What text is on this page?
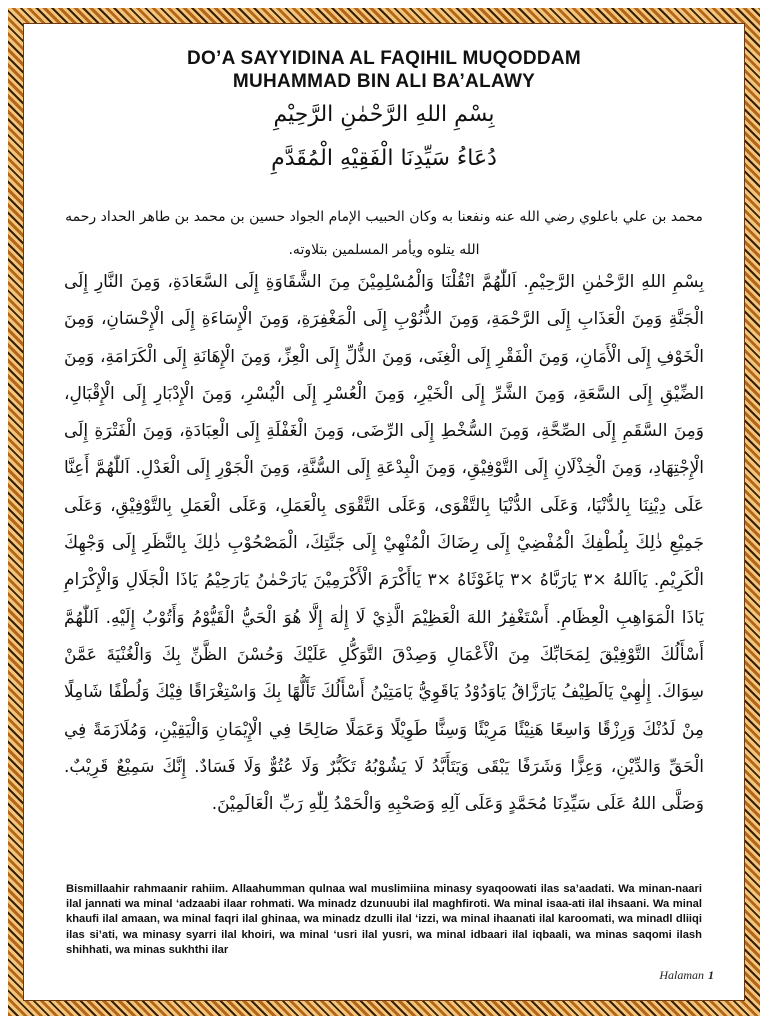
DO’A SAYYIDINA AL FAQIHIL MUQODDAM
MUHAMMAD BIN ALI BA’ALAWY
بِسْمِ اللهِ الرَّحْمٰنِ الرَّحِيْمِ
دُعَاءُ سَيِّدِنَا الْفَقِيْهِ الْمُقَدَّمِ
محمد بن علي باعلوي رضي الله عنه ونفعنا به وكان الحبيب الإمام الجواد حسين بن محمد بن طاهر الحداد رحمه الله يتلوه ويأمر المسلمين بتلاوته.
بِسْمِ اللهِ الرَّحْمٰنِ الرَّحِيْمِ. اَللّٰهُمَّ انْقُلْنَا وَالْمُسْلِمِيْنَ مِنَ الشَّقَاوَةِ إِلَى السَّعَادَةِ، وَمِنَ النَّارِ إِلَى الْجَنَّةِ وَمِنَ الْعَذَابِ إِلَى الرَّحْمَةِ، وَمِنَ الذُّنُوْبِ إِلَى الْمَغْفِرَةِ، وَمِنَ الْإِسَاءَةِ إِلَى الْإِحْسَانِ، وَمِنَ الْخَوْفِ إِلَى الْأَمَانِ، وَمِنَ الْفَقْرِ إِلَى الْغِنَى، وَمِنَ الذُّلِّ إِلَى الْعِزِّ، وَمِنَ الْإِهَانَةِ إِلَى الْكَرَامَةِ، وَمِنَ الضِّيْقِ إِلَى السَّعَةِ، وَمِنَ الشَّرِّ إِلَى الْخَيْرِ، وَمِنَ الْعُسْرِ إِلَى الْيُسْرِ، وَمِنَ الْإِدْبَارِ إِلَى الْإِقْبَالِ، وَمِنَ السَّقَمِ إِلَى الصِّحَّةِ، وَمِنَ السُّخْطِ إِلَى الرِّضَى، وَمِنَ الْغَفْلَةِ إِلَى الْعِبَادَةِ، وَمِنَ الْفَتْرَةِ إِلَى الْإِجْتِهَادِ، وَمِنَ الْخِذْلَانِ إِلَى التَّوْفِيْقِ، وَمِنَ الْبِدْعَةِ إِلَى السُّنَّةِ، وَمِنَ الْجَوْرِ إِلَى الْعَدْلِ. اَللّٰهُمَّ أَعِنَّا عَلَى دِيْنِنَا بِالدُّنْيَا، وَعَلَى الدُّنْيَا بِالتَّقْوَى، وَعَلَى التَّقْوَى بِالْعَمَلِ، وَعَلَى الْعَمَلِ بِالتَّوْفِيْقِ، وَعَلَى جَمِيْعِ ذٰلِكَ بِلُطْفِكَ الْمُفْضِيْ إِلَى رِضَاكَ الْمُنْهِيْ إِلَى جَنَّتِكَ، الْمَصْحُوْبِ ذٰلِكَ بِالنَّظَرِ إِلَى وَجْهِكَ الْكَرِيْمِ. يَااَللهُ ×٣ يَارَبَّاهُ ×٣ يَاغَوْثَاهُ ×٣ يَاأَكْرَمَ الْأَكْرَمِيْنَ يَارَحْمٰنُ يَارَحِيْمُ يَاذَا الْجَلَالِ وَالْإِكْرَامِ يَاذَا الْمَوَاهِبِ الْعِظَامِ. أَسْتَغْفِرُ اللهَ الْعَظِيْمَ الَّذِيْ لَا إِلٰهَ إِلَّا هُوَ الْحَيُّ الْقَيُّوْمُ وَأَتُوْبُ إِلَيْهِ. اَللّٰهُمَّ أَسْأَلُكَ التَّوْفِيْقَ لِمَحَابِّكَ مِنَ الْأَعْمَالِ وَصِدْقَ التَّوَكُّلِ عَلَيْكَ وَحُسْنَ الظَّنِّ بِكَ وَالْغُنْيَةَ عَمَّنْ سِوَاكَ. إِلٰهِيْ يَالَطِيْفُ يَارَزَّاقُ يَاوَدُوْدُ يَاقَوِيُّ يَامَتِيْنُ أَسْأَلُكَ تَأَلُّهًا بِكَ وَاسْتِغْرَاقًا فِيْكَ وَلُطْفًا شَامِلًا مِنْ لَدُنْكَ وَرِزْقًا وَاسِعًا هَنِيْئًا مَرِيْئًا وَسِنًّا طَوِيْلًا وَعَمَلًا صَالِحًا فِي الْإِيْمَانِ وَالْيَقِيْنِ، وَمُلَازَمَةً فِي الْحَقِّ وَالدِّيْنِ، وَعِزًّا وَشَرَفًا يَبْقَى وَيَتَأَبَّدُ لَا يَشُوْبُهُ تَكَبُّرٌ وَلَا عُتُوٌّ وَلَا فَسَادٌ. إِنَّكَ سَمِيْعٌ قَرِيْبٌ. وَصَلَّى اللهُ عَلَى سَيِّدِنَا مُحَمَّدٍ وَعَلَى آلِهِ وَصَحْبِهِ وَالْحَمْدُ لِلّٰهِ رَبِّ الْعَالَمِيْنَ.
Bismillaahir rahmaanir rahiim. Allaahumman qulnaa wal muslimiina minasy syaqoowati ilas sa’aadati. Wa minan-naari ilal jannati wa minal ‘adzaabi ilaar rohmati. Wa minadz dzunuubi ilal maghfiroti. Wa minal isaa-ati ilal ihsaani. Wa minal khaufi ilal amaan, wa minal faqri ilal ghinaa, wa minadz dzulli ilal ‘izzi, wa minal ihaanati ilal karoomati, wa minadl dliiqi ilas si’ati, wa minasy syarri ilal khoiri, wa minal ‘usri ilal yusri, wa minal idbaari ilal iqbaali, wa minas saqomi ilash shihhati, wa minas sukhthi ilar
Halaman 1
